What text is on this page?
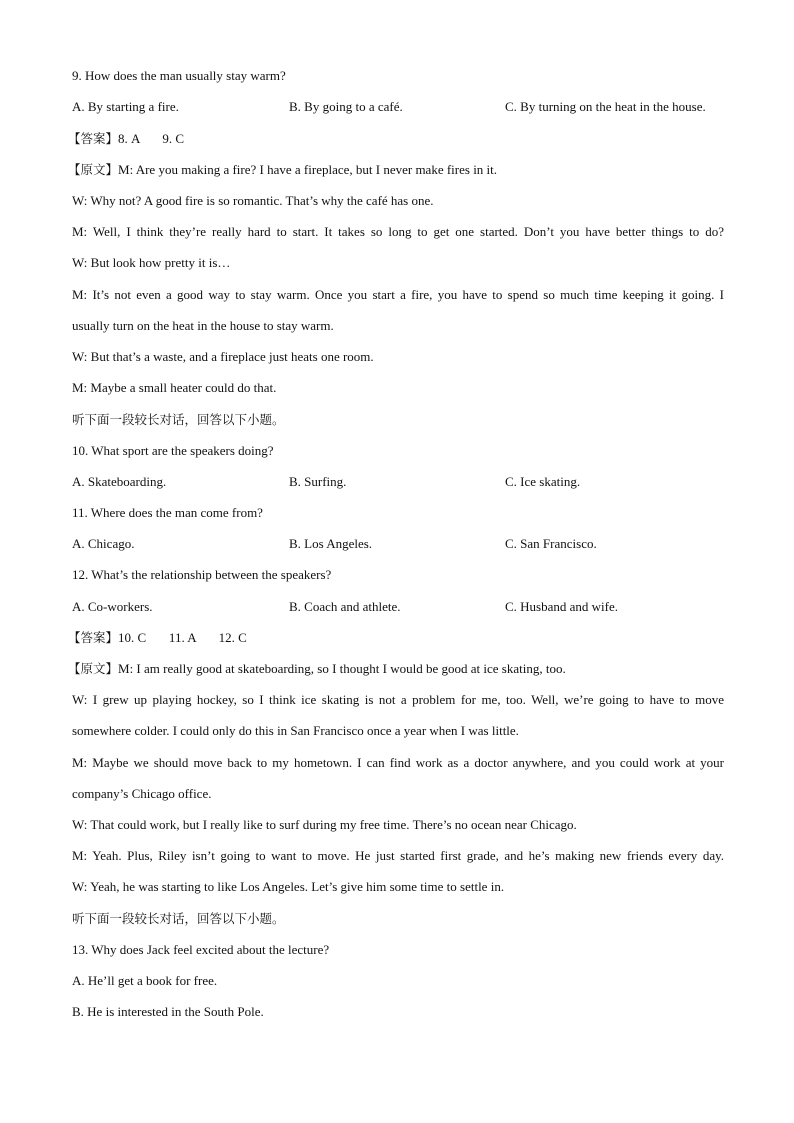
9. How does the man usually stay warm?
A. By starting a fire.	B. By going to a café.	C. By turning on the heat in the house.
【答案】8. A       9. C
【原文】M: Are you making a fire? I have a fireplace, but I never make fires in it.
W: Why not? A good fire is so romantic. That’s why the café has one.
M: Well, I think they’re really hard to start. It takes so long to get one started. Don’t you have better things to do?
W: But look how pretty it is…
M: It’s not even a good way to stay warm. Once you start a fire, you have to spend so much time keeping it going. I
usually turn on the heat in the house to stay warm.
W: But that’s a waste, and a fireplace just heats one room.
M: Maybe a small heater could do that.
听下面一段较长对话，回答以下小题。
10. What sport are the speakers doing?
A. Skateboarding.	B. Surfing.	C. Ice skating.
11. Where does the man come from?
A. Chicago.	B. Los Angeles.	C. San Francisco.
12. What’s the relationship between the speakers?
A. Co-workers.	B. Coach and athlete.	C. Husband and wife.
【答案】10. C       11. A       12. C
【原文】M: I am really good at skateboarding, so I thought I would be good at ice skating, too.
W: I grew up playing hockey, so I think ice skating is not a problem for me, too. Well, we’re going to have to move
somewhere colder. I could only do this in San Francisco once a year when I was little.
M: Maybe we should move back to my hometown. I can find work as a doctor anywhere, and you could work at your
company’s Chicago office.
W: That could work, but I really like to surf during my free time. There’s no ocean near Chicago.
M: Yeah. Plus, Riley isn’t going to want to move. He just started first grade, and he’s making new friends every day.
W: Yeah, he was starting to like Los Angeles. Let’s give him some time to settle in.
听下面一段较长对话，回答以下小题。
13. Why does Jack feel excited about the lecture?
A. He’ll get a book for free.
B. He is interested in the South Pole.
